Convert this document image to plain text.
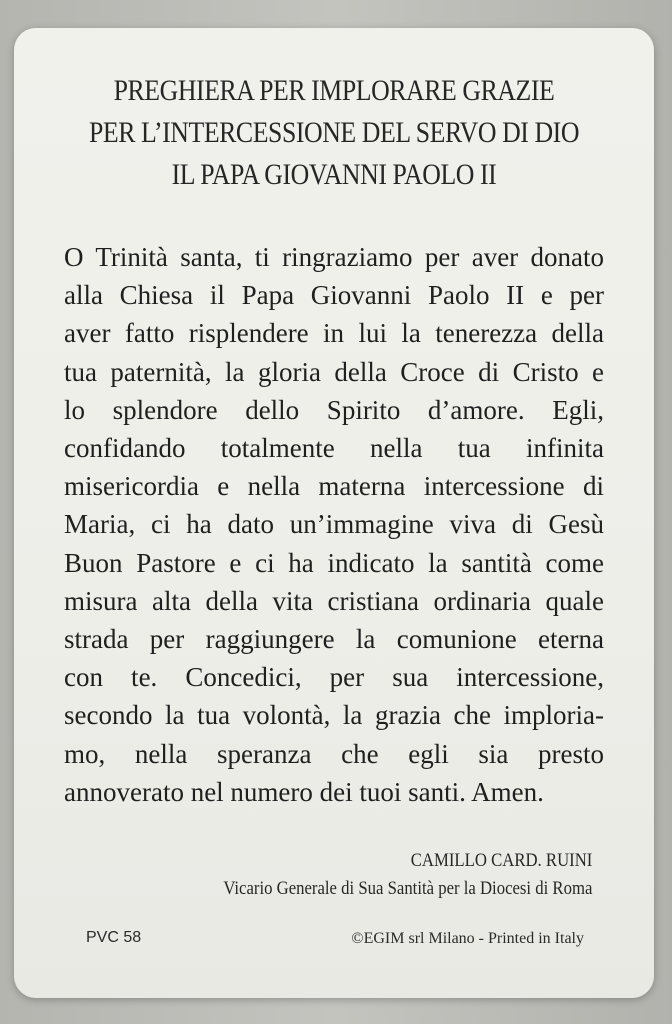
PREGHIERA PER IMPLORARE GRAZIE
PER L’INTERCESSIONE DEL SERVO DI DIO
IL PAPA GIOVANNI PAOLO II
O Trinità santa, ti ringraziamo per aver donato
alla Chiesa il Papa Giovanni Paolo II e per
aver fatto risplendere in lui la tenerezza della
tua paternità, la gloria della Croce di Cristo e
lo splendore dello Spirito d’amore. Egli,
confidando totalmente nella tua infinita
misericordia e nella materna intercessione di
Maria, ci ha dato un’immagine viva di Gesù
Buon Pastore e ci ha indicato la santità come
misura alta della vita cristiana ordinaria quale
strada per raggiungere la comunione eterna
con te. Concedici, per sua intercessione,
secondo la tua volontà, la grazia che imploria-
mo, nella speranza che egli sia presto
annoverato nel numero dei tuoi santi. Amen.
CAMILLO CARD. RUINI
Vicario Generale di Sua Santità per la Diocesi di Roma
PVC 58	©EGIM srl Milano - Printed in Italy
